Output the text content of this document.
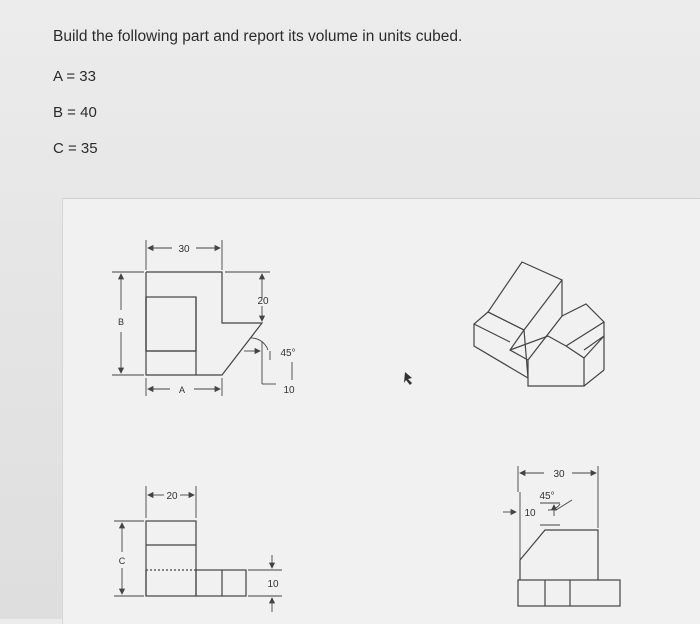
Build the following part and report its volume in units cubed.

A = 33

B = 40

C = 35

30
B
20
45°
10
A
20
C
10
30
45°
10
